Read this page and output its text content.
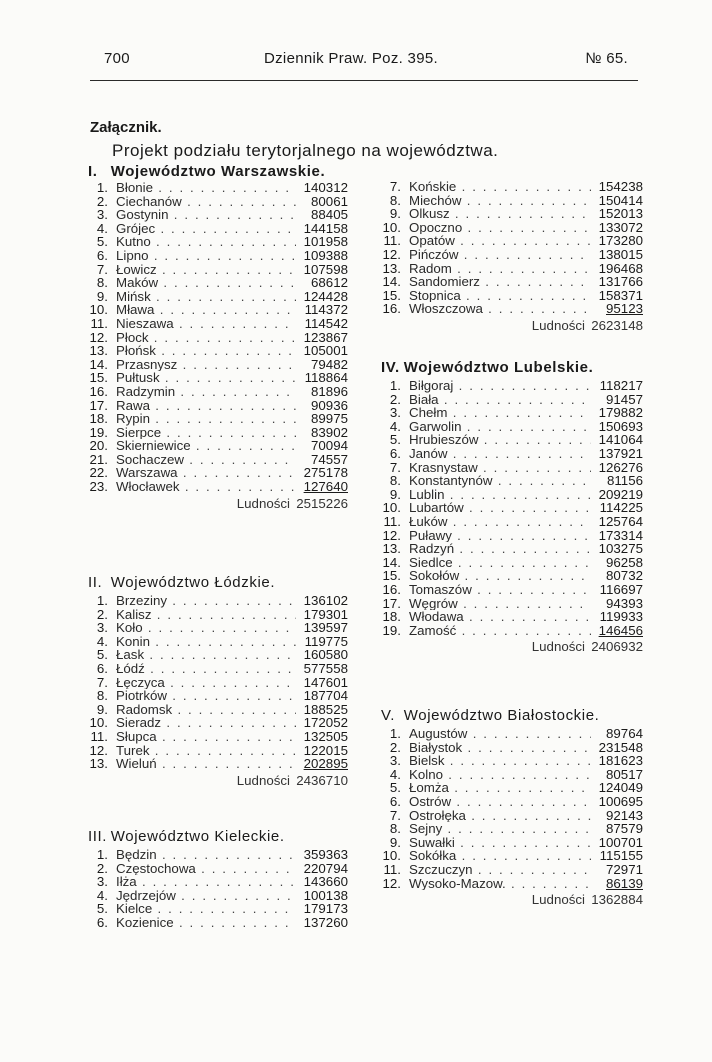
700	Dziennik Praw. Poz. 395.	№ 65.
Załącznik.
Projekt podziału terytorjalnego na województwa.
I. Województwo Warszawskie.
1. Błonie . . .	140312
2. Ciechanów . . .	80061
3. Gostynin . . .	88405
4. Grójec . . .	144158
5. Kutno . . .	101958
6. Lipno . . .	109388
7. Łowicz . . .	107598
8. Maków . . .	68612
9. Mińsk . . .	124428
10. Mława . . .	114372
11. Nieszawa . . .	114542
12. Płock . . .	123867
13. Płońsk . . .	105001
14. Przasnysz . . .	79482
15. Pułtusk . . .	118864
16. Radzymin . . .	81896
17. Rawa . . .	90936
18. Rypin . . .	89975
19. Sierpce . . .	83902
20. Skierniewice . . .	70094
21. Sochaczew . . .	74557
22. Warszawa . . .	275178
23. Włocławek . . .	127640
Ludności 2515226
II. Województwo Łódzkie.
1. Brzeziny . . .	136102
2. Kalisz . . .	179301
3. Koło . . .	139597
4. Konin . . .	119775
5. Łask . . .	160580
6. Łódź . . .	577558
7. Łęczyca . . .	147601
8. Piotrków . . .	187704
9. Radomsk . . .	188525
10. Sieradz . . .	172052
11. Słupca . . .	132505
12. Turek . . .	122015
13. Wieluń . . .	202895
Ludności 2436710
III. Województwo Kieleckie.
1. Będzin . . .	359363
2. Częstochowa . . .	220794
3. Iłża . . .	143660
4. Jędrzejów . . .	100138
5. Kielce . . .	179173
6. Kozienice . . .	137260
7. Końskie . . .	154238
8. Miechów . . .	150414
9. Olkusz . . .	152013
10. Opoczno . . .	133072
11. Opatów . . .	173280
12. Pińczów . . .	138015
13. Radom . . .	196468
14. Sandomierz . . .	131766
15. Stopnica . . .	158371
16. Włoszczowa . . .	95123
Ludności 2623148
IV. Województwo Lubelskie.
1. Biłgoraj . . .	118217
2. Biała . . .	91457
3. Chełm . . .	179882
4. Garwolin . . .	150693
5. Hrubieszów . . .	141064
6. Janów . . .	137921
7. Krasnystaw . . .	126276
8. Konstantynów . . .	81156
9. Lublin . . .	209219
10. Lubartów . . .	114225
11. Łuków . . .	125764
12. Puławy . . .	173314
13. Radzyń . . .	103275
14. Siedlce . . .	96258
15. Sokołów . . .	80732
16. Tomaszów . . .	116697
17. Węgrów . . .	94393
18. Włodawa . . .	119933
19. Zamość . . .	146456
Ludności 2406932
V. Województwo Białostockie.
1. Augustów . . .	89764
2. Białystok . . .	231548
3. Bielsk . . .	181623
4. Kolno . . .	80517
5. Łomża . . .	124049
6. Ostrów . . .	100695
7. Ostrołęka . . .	92143
8. Sejny . . .	87579
9. Suwałki . . .	100701
10. Sokółka . . .	115155
11. Szczuczyn . . .	72971
12. Wysoko-Mazow. . . .	86139
Ludności 1362884
